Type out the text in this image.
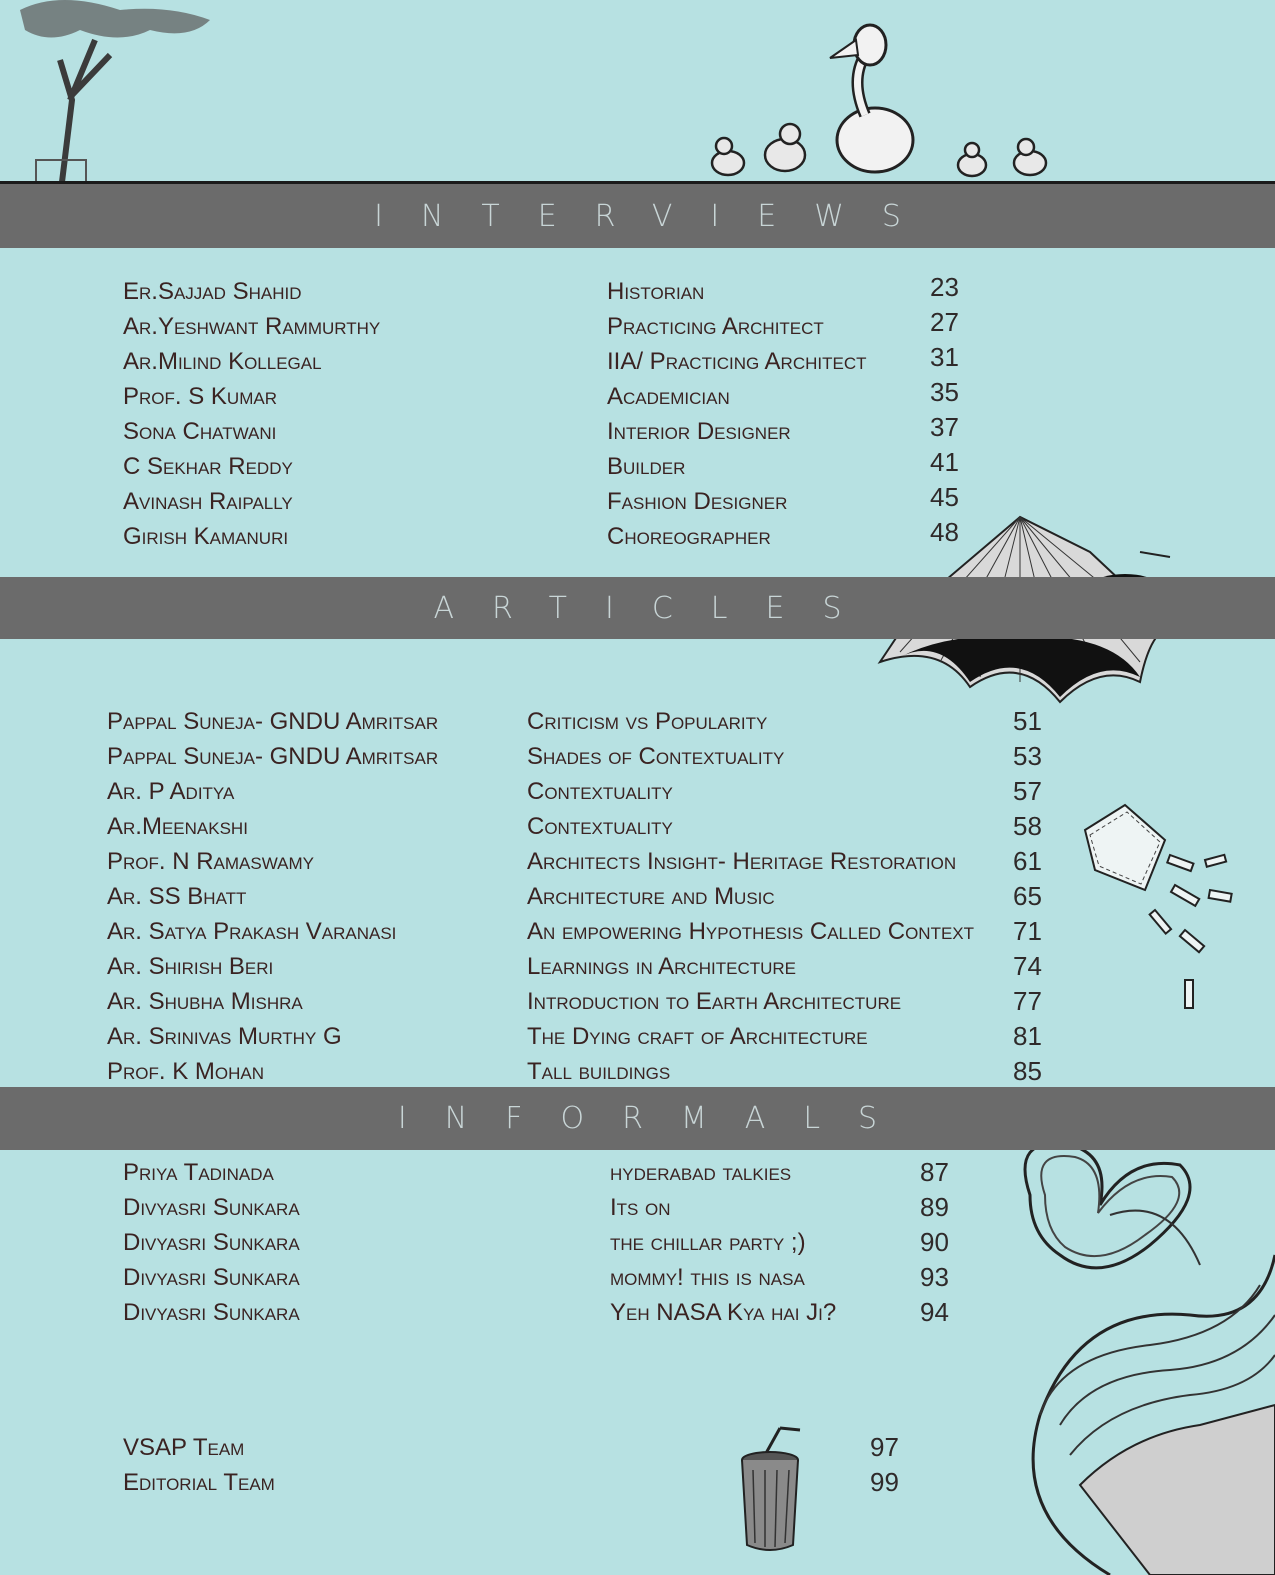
INTERVIEWS
ARTICLES
INFORMALS
Er.Sajjad Shahid	Historian	23
Ar.Yeshwant Rammurthy	Practicing Architect	27
Ar.Milind Kollegal	IIA/ Practicing Architect 31
Prof. S Kumar	Academician	35
Sona Chatwani	Interior Designer	37
C Sekhar Reddy	Builder	41
Avinash Raipally	Fashion Designer	45
Girish Kamanuri	Choreographer	48
Pappal Suneja- GNDU Amritsar	Criticism vs Popularity	51
Pappal Suneja- GNDU Amritsar	Shades of Contextuality	53
Ar. P Aditya	Contextuality	57
Ar.Meenakshi	Contextuality	58
Prof. N Ramaswamy	Architects Insight- Heritage Restoration 61
Ar. SS Bhatt	Architecture and Music	65
Ar. Satya Prakash Varanasi	An empowering Hypothesis Called Context 71
Ar. Shirish Beri	Learnings in Architecture	74
Ar. Shubha Mishra	Introduction to Earth Architecture	77
Ar. Srinivas Murthy G	The Dying craft of Architecture	81
Prof. K Mohan	Tall buildings	85
Priya Tadinada	hyderabad talkies	87
Divyasri Sunkara	Its on	89
Divyasri Sunkara	the chillar party ;)	90
Divyasri Sunkara	mommy! this is nasa	93
Divyasri Sunkara	Yeh NASA Kya hai Ji?	94
VSAP Team	97
Editorial Team	99
